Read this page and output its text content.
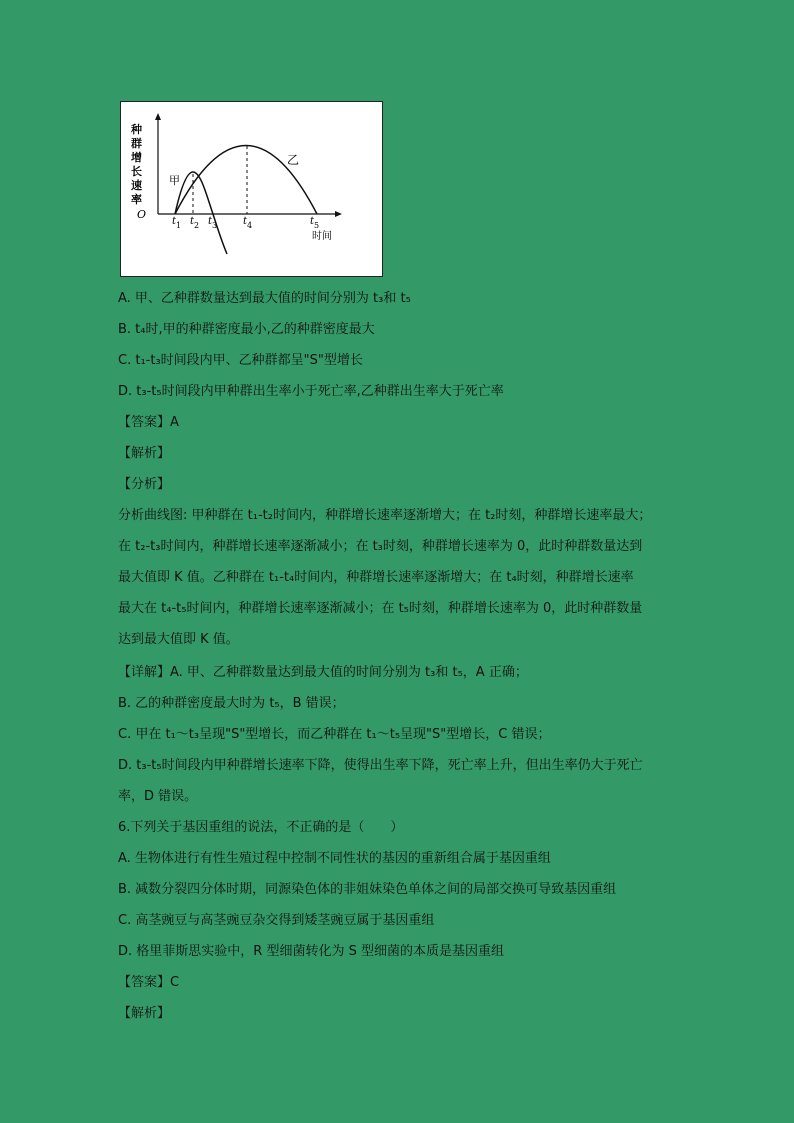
种
群
增
长
速
率
O
时间
甲
乙
$t_1$ $t_2$ $t_3$	$t_4$	$t_5$
A. 甲、乙种群数量达到最大值的时间分别为 t₃和 t₅
B. t₄时,甲的种群密度最小,乙的种群密度最大
C. t₁-t₃时间段内甲、乙种群都呈"S"型增长
D. t₃-t₅时间段内甲种群出生率小于死亡率,乙种群出生率大于死亡率
【答案】A
【解析】
【分析】
分析曲线图: 甲种群在 t₁-t₂时间内，种群增长速率逐渐增大；在 t₂时刻，种群增长速率最大；
在 t₂-t₃时间内，种群增长速率逐渐减小；在 t₃时刻，种群增长速率为 0，此时种群数量达到
最大值即 K 值。乙种群在 t₁-t₄时间内，种群增长速率逐渐增大；在 t₄时刻，种群增长速率
最大在 t₄-t₅时间内，种群增长速率逐渐减小；在 t₅时刻，种群增长速率为 0，此时种群数量
达到最大值即 K 值。
【详解】A. 甲、乙种群数量达到最大值的时间分别为 t₃和 t₅，A 正确；
B. 乙的种群密度最大时为 t₅，B 错误；
C. 甲在 t₁～t₃呈现"S"型增长，而乙种群在 t₁～t₅呈现"S"型增长，C 错误；
D. t₃-t₅时间段内甲种群增长速率下降，使得出生率下降，死亡率上升，但出生率仍大于死亡
率，D 错误。
6.下列关于基因重组的说法，不正确的是（　　）
A. 生物体进行有性生殖过程中控制不同性状的基因的重新组合属于基因重组
B. 减数分裂四分体时期，同源染色体的非姐妹染色单体之间的局部交换可导致基因重组
C. 高茎豌豆与高茎豌豆杂交得到矮茎豌豆属于基因重组
D. 格里菲斯思实验中，R 型细菌转化为 S 型细菌的本质是基因重组
【答案】C
【解析】
